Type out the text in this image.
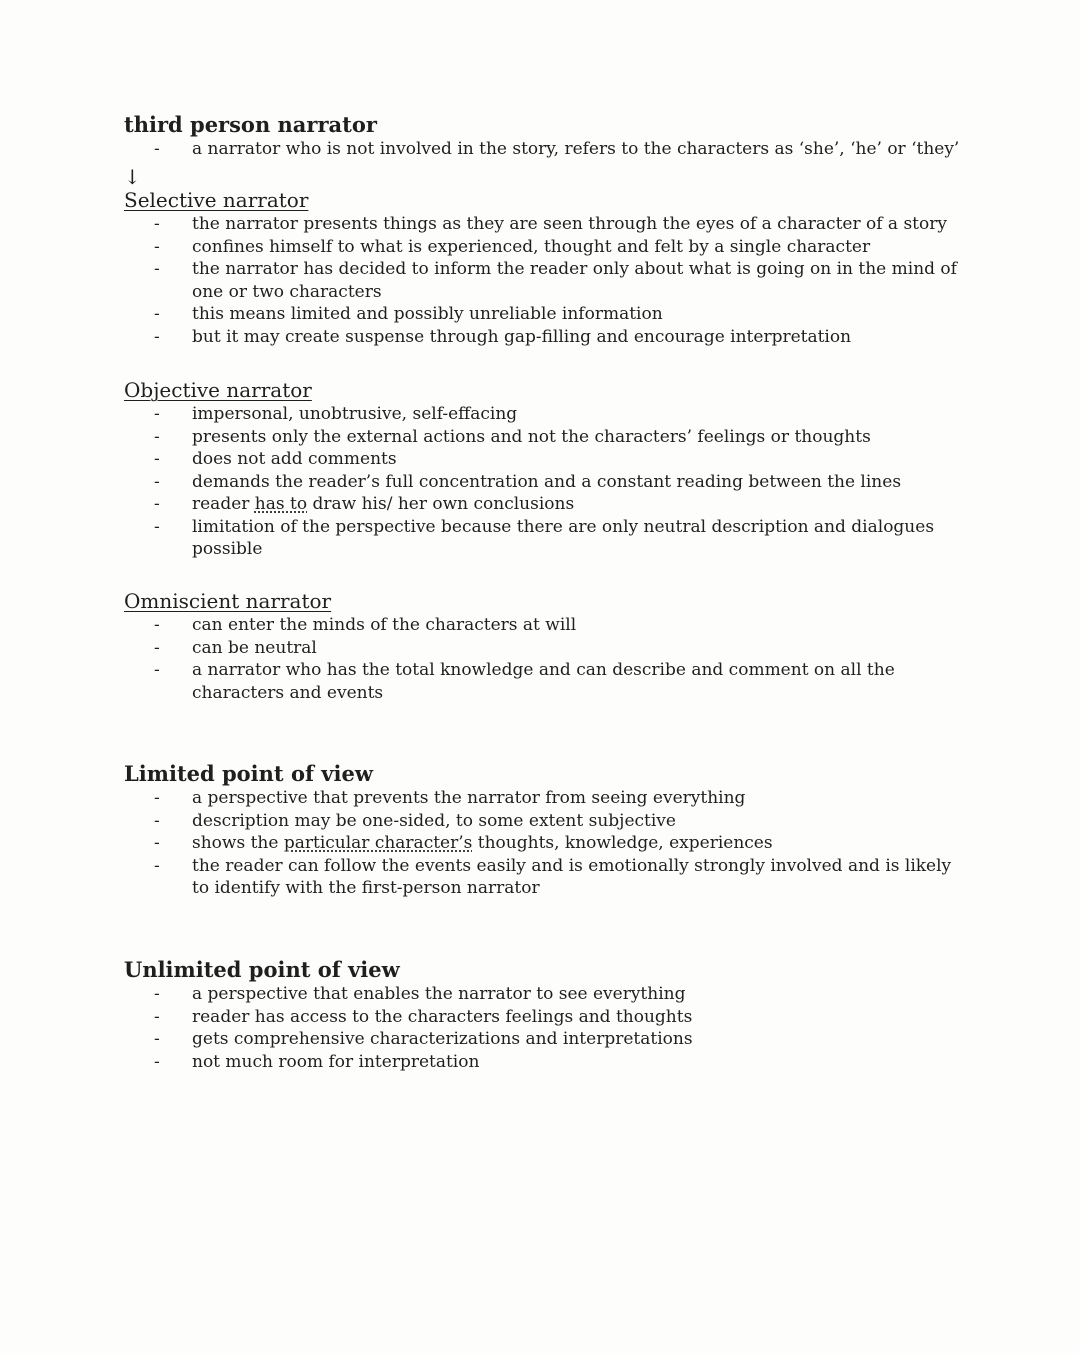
third person narrator
- a narrator who is not involved in the story, refers to the characters as ‘she’, ‘he’ or ‘they’
↓
Selective narrator
- the narrator presents things as they are seen through the eyes of a character of a story
- confines himself to what is experienced, thought and felt by a single character
- the narrator has decided to inform the reader only about what is going on in the mind of one or two characters
- this means limited and possibly unreliable information
- but it may create suspense through gap-filling and encourage interpretation
Objective narrator
- impersonal, unobtrusive, self-effacing
- presents only the external actions and not the characters’ feelings or thoughts
- does not add comments
- demands the reader’s full concentration and a constant reading between the lines
- reader has to draw his/ her own conclusions
- limitation of the perspective because there are only neutral description and dialogues possible
Omniscient narrator
- can enter the minds of the characters at will
- can be neutral
- a narrator who has the total knowledge and can describe and comment on all the characters and events
Limited point of view
- a perspective that prevents the narrator from seeing everything
- description may be one-sided, to some extent subjective
- shows the particular character’s thoughts, knowledge, experiences
- the reader can follow the events easily and is emotionally strongly involved and is likely to identify with the first-person narrator
Unlimited point of view
- a perspective that enables the narrator to see everything
- reader has access to the characters feelings and thoughts
- gets comprehensive characterizations and interpretations
- not much room for interpretation
